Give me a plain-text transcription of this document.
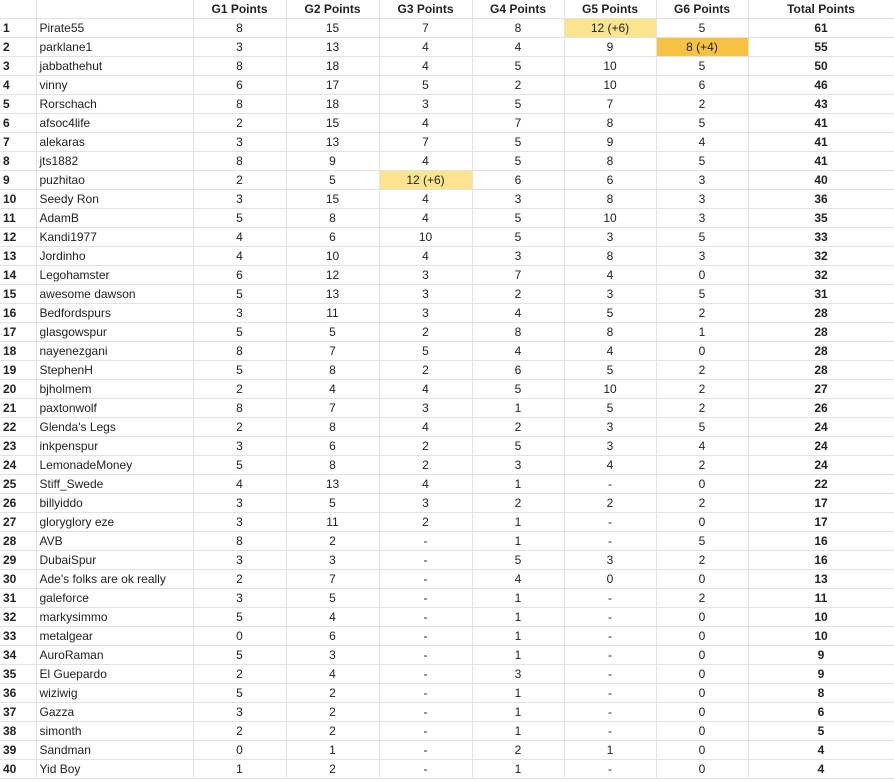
		G1 Points	G2 Points	G3 Points	G4 Points	G5 Points	G6 Points	Total Points
1	Pirate55	8	15	7	8	12 (+6)	5	61
2	parklane1	3	13	4	4	9	8 (+4)	55
3	jabbathehut	8	18	4	5	10	5	50
4	vinny	6	17	5	2	10	6	46
5	Rorschach	8	18	3	5	7	2	43
6	afsoc4life	2	15	4	7	8	5	41
7	alekaras	3	13	7	5	9	4	41
8	jts1882	8	9	4	5	8	5	41
9	puzhitao	2	5	12 (+6)	6	6	3	40
10	Seedy Ron	3	15	4	3	8	3	36
11	AdamB	5	8	4	5	10	3	35
12	Kandi1977	4	6	10	5	3	5	33
13	Jordinho	4	10	4	3	8	3	32
14	Legohamster	6	12	3	7	4	0	32
15	awesome dawson	5	13	3	2	3	5	31
16	Bedfordspurs	3	11	3	4	5	2	28
17	glasgowspur	5	5	2	8	8	1	28
18	nayenezgani	8	7	5	4	4	0	28
19	StephenH	5	8	2	6	5	2	28
20	bjholmem	2	4	4	5	10	2	27
21	paxtonwolf	8	7	3	1	5	2	26
22	Glenda's Legs	2	8	4	2	3	5	24
23	inkpenspur	3	6	2	5	3	4	24
24	LemonadeMoney	5	8	2	3	4	2	24
25	Stiff_Swede	4	13	4	1	-	0	22
26	billyiddo	3	5	3	2	2	2	17
27	gloryglory eze	3	11	2	1	-	0	17
28	AVB	8	2	-	1	-	5	16
29	DubaiSpur	3	3	-	5	3	2	16
30	Ade's folks are ok really	2	7	-	4	0	0	13
31	galeforce	3	5	-	1	-	2	11
32	markysimmo	5	4	-	1	-	0	10
33	metalgear	0	6	-	1	-	0	10
34	AuroRaman	5	3	-	1	-	0	9
35	El Guepardo	2	4	-	3	-	0	9
36	wiziwig	5	2	-	1	-	0	8
37	Gazza	3	2	-	1	-	0	6
38	simonth	2	2	-	1	-	0	5
39	Sandman	0	1	-	2	1	0	4
40	Yid Boy	1	2	-	1	-	0	4
